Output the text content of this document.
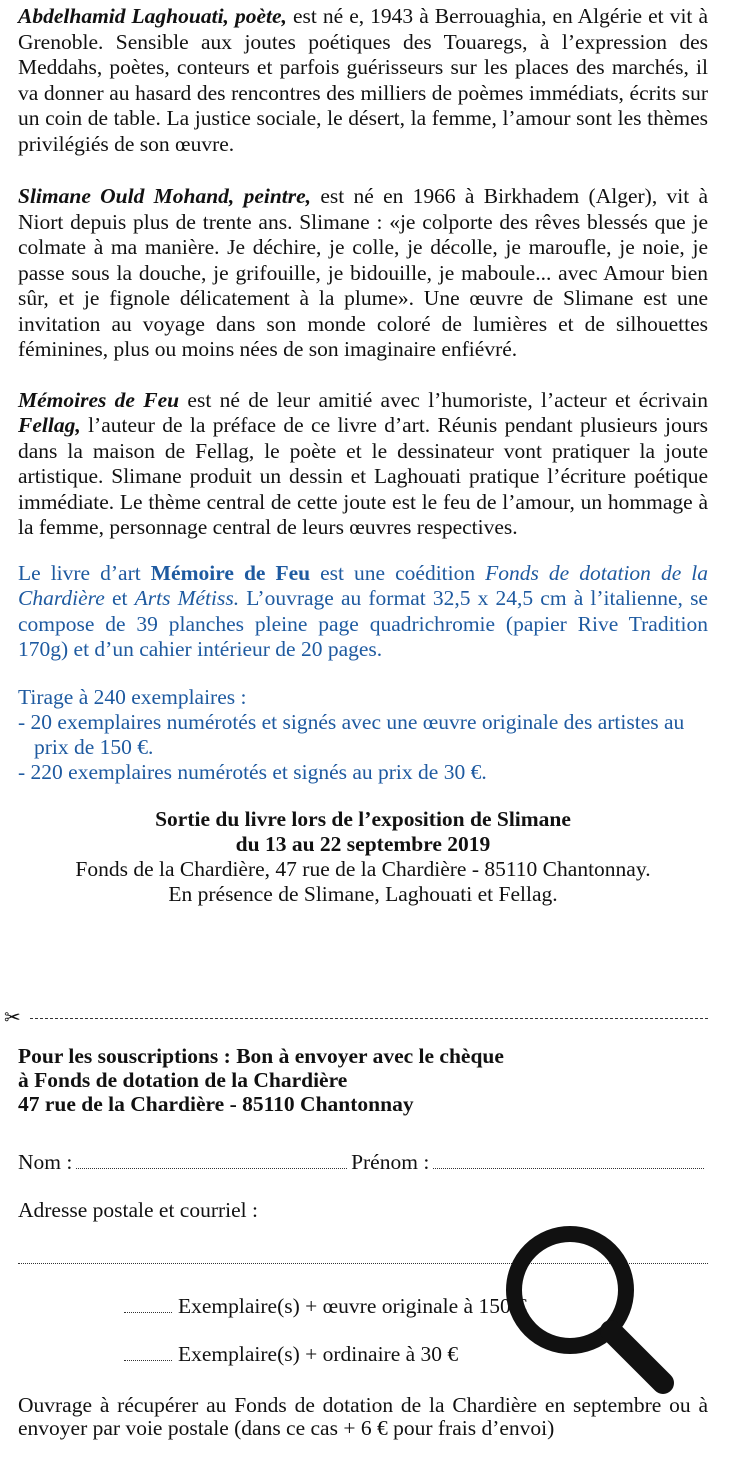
Abdelhamid Laghouati, poète, est né e, 1943 à Berrouaghia, en Algérie et vit à Grenoble. Sensible aux joutes poétiques des Touaregs, à l’expression des Meddahs, poètes, conteurs et parfois guérisseurs sur les places des marchés, il va donner au hasard des rencontres des milliers de poèmes immédiats, écrits sur un coin de table. La justice sociale, le désert, la femme, l’amour sont les thèmes privilégiés de son œuvre.

Slimane Ould Mohand, peintre, est né en 1966 à Birkhadem (Alger), vit à Niort depuis plus de trente ans. Slimane : «je colporte des rêves blessés que je colmate à ma manière. Je déchire, je colle, je décolle, je maroufle, je noie, je passe sous la douche, je grifouille, je bidouille, je maboule... avec Amour bien sûr, et je fignole délicatement à la plume». Une œuvre de Slimane est une invitation au voyage dans son monde coloré de lumières et de silhouettes féminines, plus ou moins nées de son imaginaire enfiévré.

Mémoires de Feu est né de leur amitié avec l’humoriste, l’acteur et écrivain Fellag, l’auteur de la préface de ce livre d’art. Réunis pendant plusieurs jours dans la maison de Fellag, le poète et le dessinateur vont pratiquer la joute artistique. Slimane produit un dessin et Laghouati pratique l’écriture poétique immédiate. Le thème central de cette joute est le feu de l’amour, un hommage à la femme, personnage central de leurs œuvres respectives.

Le livre d’art Mémoire de Feu est une coédition Fonds de dotation de la Chardière et Arts Métiss. L’ouvrage au format 32,5 x 24,5 cm à l’italienne, se compose de 39 planches pleine page quadrichromie (papier Rive Tradition 170g) et d’un cahier intérieur de 20 pages.

Tirage à 240 exemplaires :
- 20 exemplaires numérotés et signés avec une œuvre originale des artistes au prix de 150 €.
- 220 exemplaires numérotés et signés au prix de 30 €.
Sortie du livre lors de l’exposition de Slimane
du 13 au 22 septembre 2019
Fonds de la Chardière, 47 rue de la Chardière - 85110 Chantonnay.
En présence de Slimane, Laghouati et Fellag.
✂
Pour les souscriptions : Bon à envoyer avec le chèque
à Fonds de dotation de la Chardière
47 rue de la Chardière - 85110 Chantonnay
Nom :	Prénom :
Adresse postale et courriel :
Exemplaire(s) + œuvre originale à 150 €
Exemplaire(s) + ordinaire à 30 €
Ouvrage à récupérer au Fonds de dotation de la Chardière en septembre ou à envoyer par voie postale (dans ce cas + 6 € pour frais d’envoi)
